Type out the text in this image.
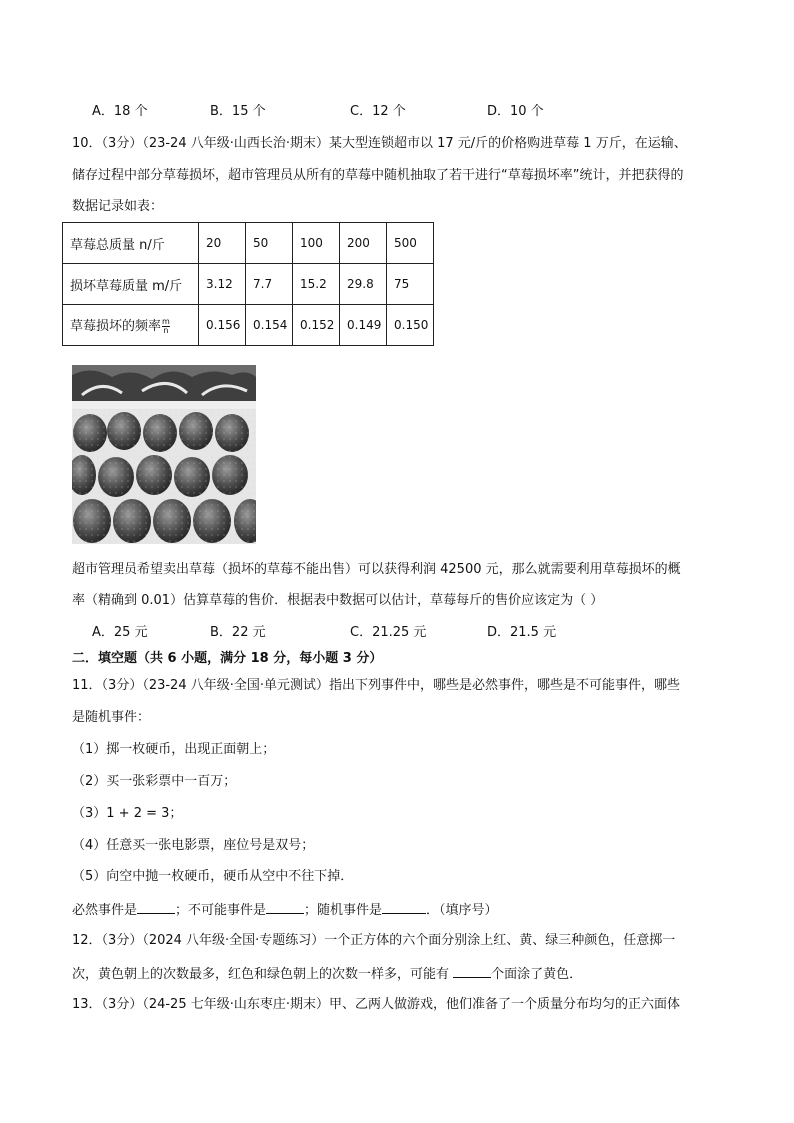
A．18 个	B．15 个	C．12 个	D．10 个
10．（3分）（23-24 八年级·山西长治·期末）某大型连锁超市以 17 元/斤的价格购进草莓 1 万斤，在运输、
储存过程中部分草莓损坏，超市管理员从所有的草莓中随机抽取了若干进行“草莓损坏率”统计，并把获得的
数据记录如表：
草莓总质量 n/斤	20	50	100	200	500
损坏草莓质量 m/斤	3.12	7.7	15.2	29.8	75
草莓损坏的频率 $\frac{m}{n}$	0.156	0.154	0.152	0.149	0.150
超市管理员希望卖出草莓（损坏的草莓不能出售）可以获得利润 42500 元，那么就需要利用草莓损坏的概
率（精确到 0.01）估算草莓的售价．根据表中数据可以估计，草莓每斤的售价应该定为（ ）
A．25 元	B．22 元	C．21.25 元	D．21.5 元
二．填空题（共 6 小题，满分 18 分，每小题 3 分）
11．（3分）（23-24 八年级·全国·单元测试）指出下列事件中，哪些是必然事件，哪些是不可能事件，哪些
是随机事件：
（1）掷一枚硬币，出现正面朝上；
（2）买一张彩票中一百万；
（3）1 + 2 = 3；
（4）任意买一张电影票，座位号是双号；
（5）向空中抛一枚硬币，硬币从空中不往下掉．
必然事件是	；不可能事件是	；随机事件是	．（填序号）
12．（3分）（2024 八年级·全国·专题练习）一个正方体的六个面分别涂上红、黄、绿三种颜色，任意掷一
次，黄色朝上的次数最多，红色和绿色朝上的次数一样多，可能有	个面涂了黄色．
13．（3分）（24-25 七年级·山东枣庄·期末）甲、乙两人做游戏，他们准备了一个质量分布均匀的正六面体
